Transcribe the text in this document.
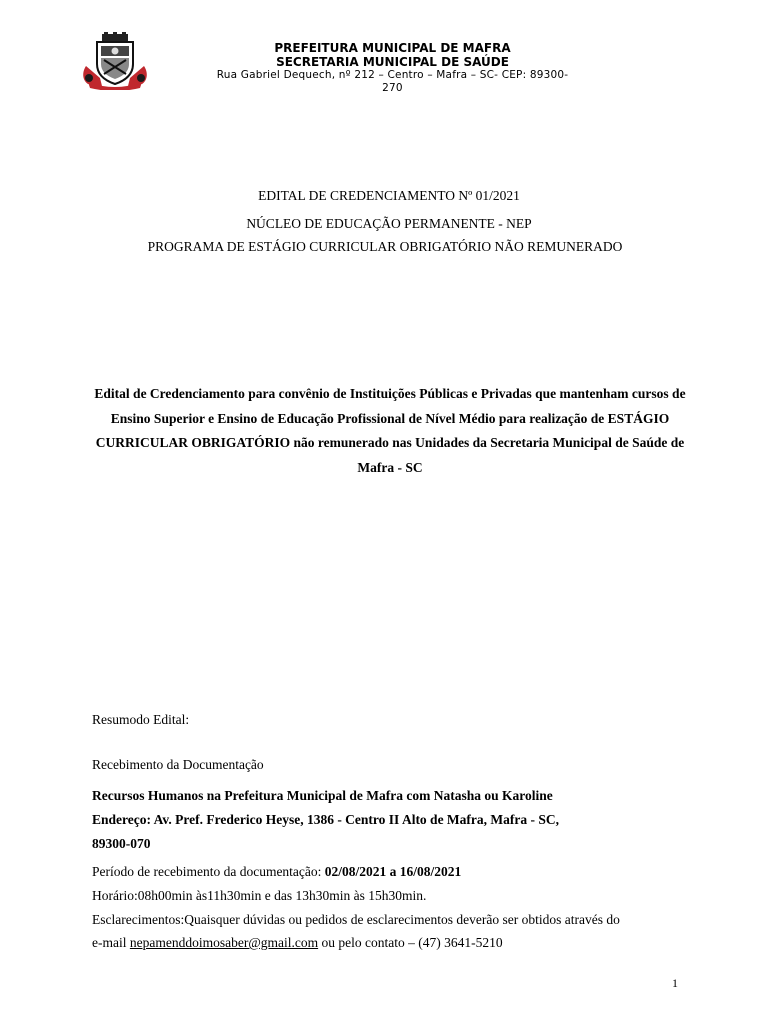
PREFEITURA MUNICIPAL DE MAFRA
SECRETARIA MUNICIPAL DE SAÚDE
Rua Gabriel Dequech, nº 212 – Centro – Mafra – SC- CEP: 89300-
270

EDITAL DE CREDENCIAMENTO Nº 01/2021
NÚCLEO DE EDUCAÇÃO PERMANENTE - NEP
PROGRAMA DE ESTÁGIO CURRICULAR OBRIGATÓRIO NÃO REMUNERADO
Edital de Credenciamento para convênio de Instituições Públicas e Privadas que mantenham cursos de Ensino Superior e Ensino de Educação Profissional de Nível Médio para realização de ESTÁGIO CURRICULAR OBRIGATÓRIO não remunerado nas Unidades da Secretaria Municipal de Saúde de Mafra - SC
Resumodo Edital:
Recebimento da Documentação
Recursos Humanos na Prefeitura Municipal de Mafra com Natasha ou Karoline
Endereço: Av. Pref. Frederico Heyse, 1386 - Centro II Alto de Mafra, Mafra - SC,
89300-070
Período de recebimento da documentação: 02/08/2021 a 16/08/2021
Horário:08h00min às11h30min e das 13h30min às 15h30min.
Esclarecimentos:Quaisquer dúvidas ou pedidos de esclarecimentos deverão ser obtidos através do
e-mail nepamenddoimosaber@gmail.com ou pelo contato – (47) 3641-5210
1
